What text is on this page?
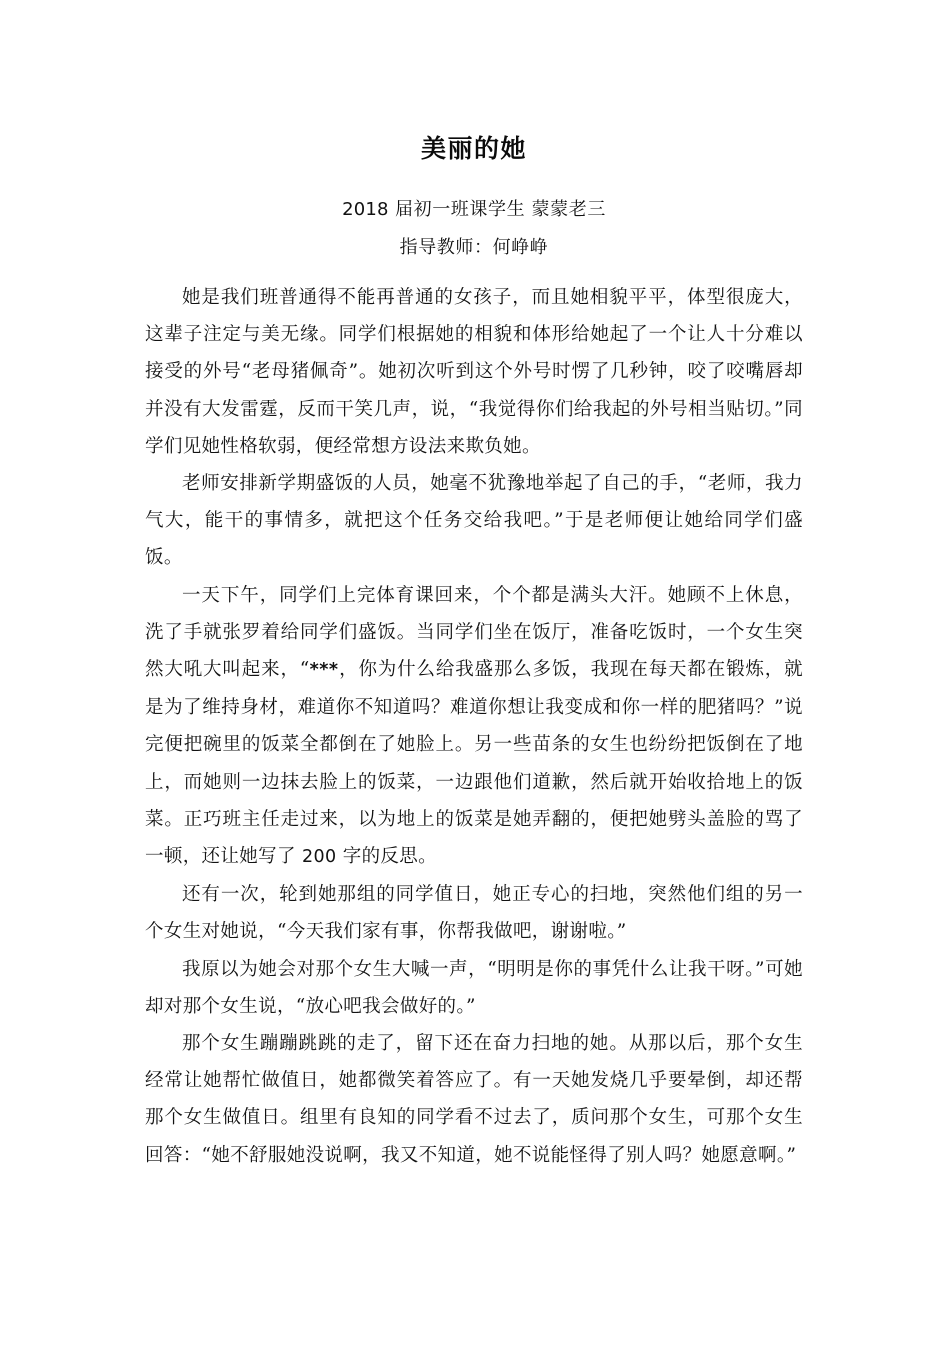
美丽的她

2018 届初一班课学生 蒙蒙老三

指导教师：何峥峥

她是我们班普通得不能再普通的女孩子，而且她相貌平平，体型很庞大，这辈子注定与美无缘。同学们根据她的相貌和体形给她起了一个让人十分难以接受的外号“老母猪佩奇”。她初次听到这个外号时愣了几秒钟，咬了咬嘴唇却并没有大发雷霆，反而干笑几声，说，“我觉得你们给我起的外号相当贴切。”同学们见她性格软弱，便经常想方设法来欺负她。

老师安排新学期盛饭的人员，她毫不犹豫地举起了自己的手，“老师，我力气大，能干的事情多，就把这个任务交给我吧。”于是老师便让她给同学们盛饭。

一天下午，同学们上完体育课回来，个个都是满头大汗。她顾不上休息，洗了手就张罗着给同学们盛饭。当同学们坐在饭厅，准备吃饭时，一个女生突然大吼大叫起来，“***，你为什么给我盛那么多饭，我现在每天都在锻炼，就是为了维持身材，难道你不知道吗？难道你想让我变成和你一样的肥猪吗？”说完便把碗里的饭菜全都倒在了她脸上。另一些苗条的女生也纷纷把饭倒在了地上，而她则一边抹去脸上的饭菜，一边跟他们道歉，然后就开始收拾地上的饭菜。正巧班主任走过来，以为地上的饭菜是她弄翻的，便把她劈头盖脸的骂了一顿，还让她写了 200 字的反思。

还有一次，轮到她那组的同学值日，她正专心的扫地，突然他们组的另一个女生对她说，“今天我们家有事，你帮我做吧，谢谢啦。”

我原以为她会对那个女生大喊一声，“明明是你的事凭什么让我干呀。”可她却对那个女生说，“放心吧我会做好的。”

那个女生蹦蹦跳跳的走了，留下还在奋力扫地的她。从那以后，那个女生经常让她帮忙做值日，她都微笑着答应了。有一天她发烧几乎要晕倒，却还帮那个女生做值日。组里有良知的同学看不过去了，质问那个女生，可那个女生回答：“她不舒服她没说啊，我又不知道，她不说能怪得了别人吗？她愿意啊。”
